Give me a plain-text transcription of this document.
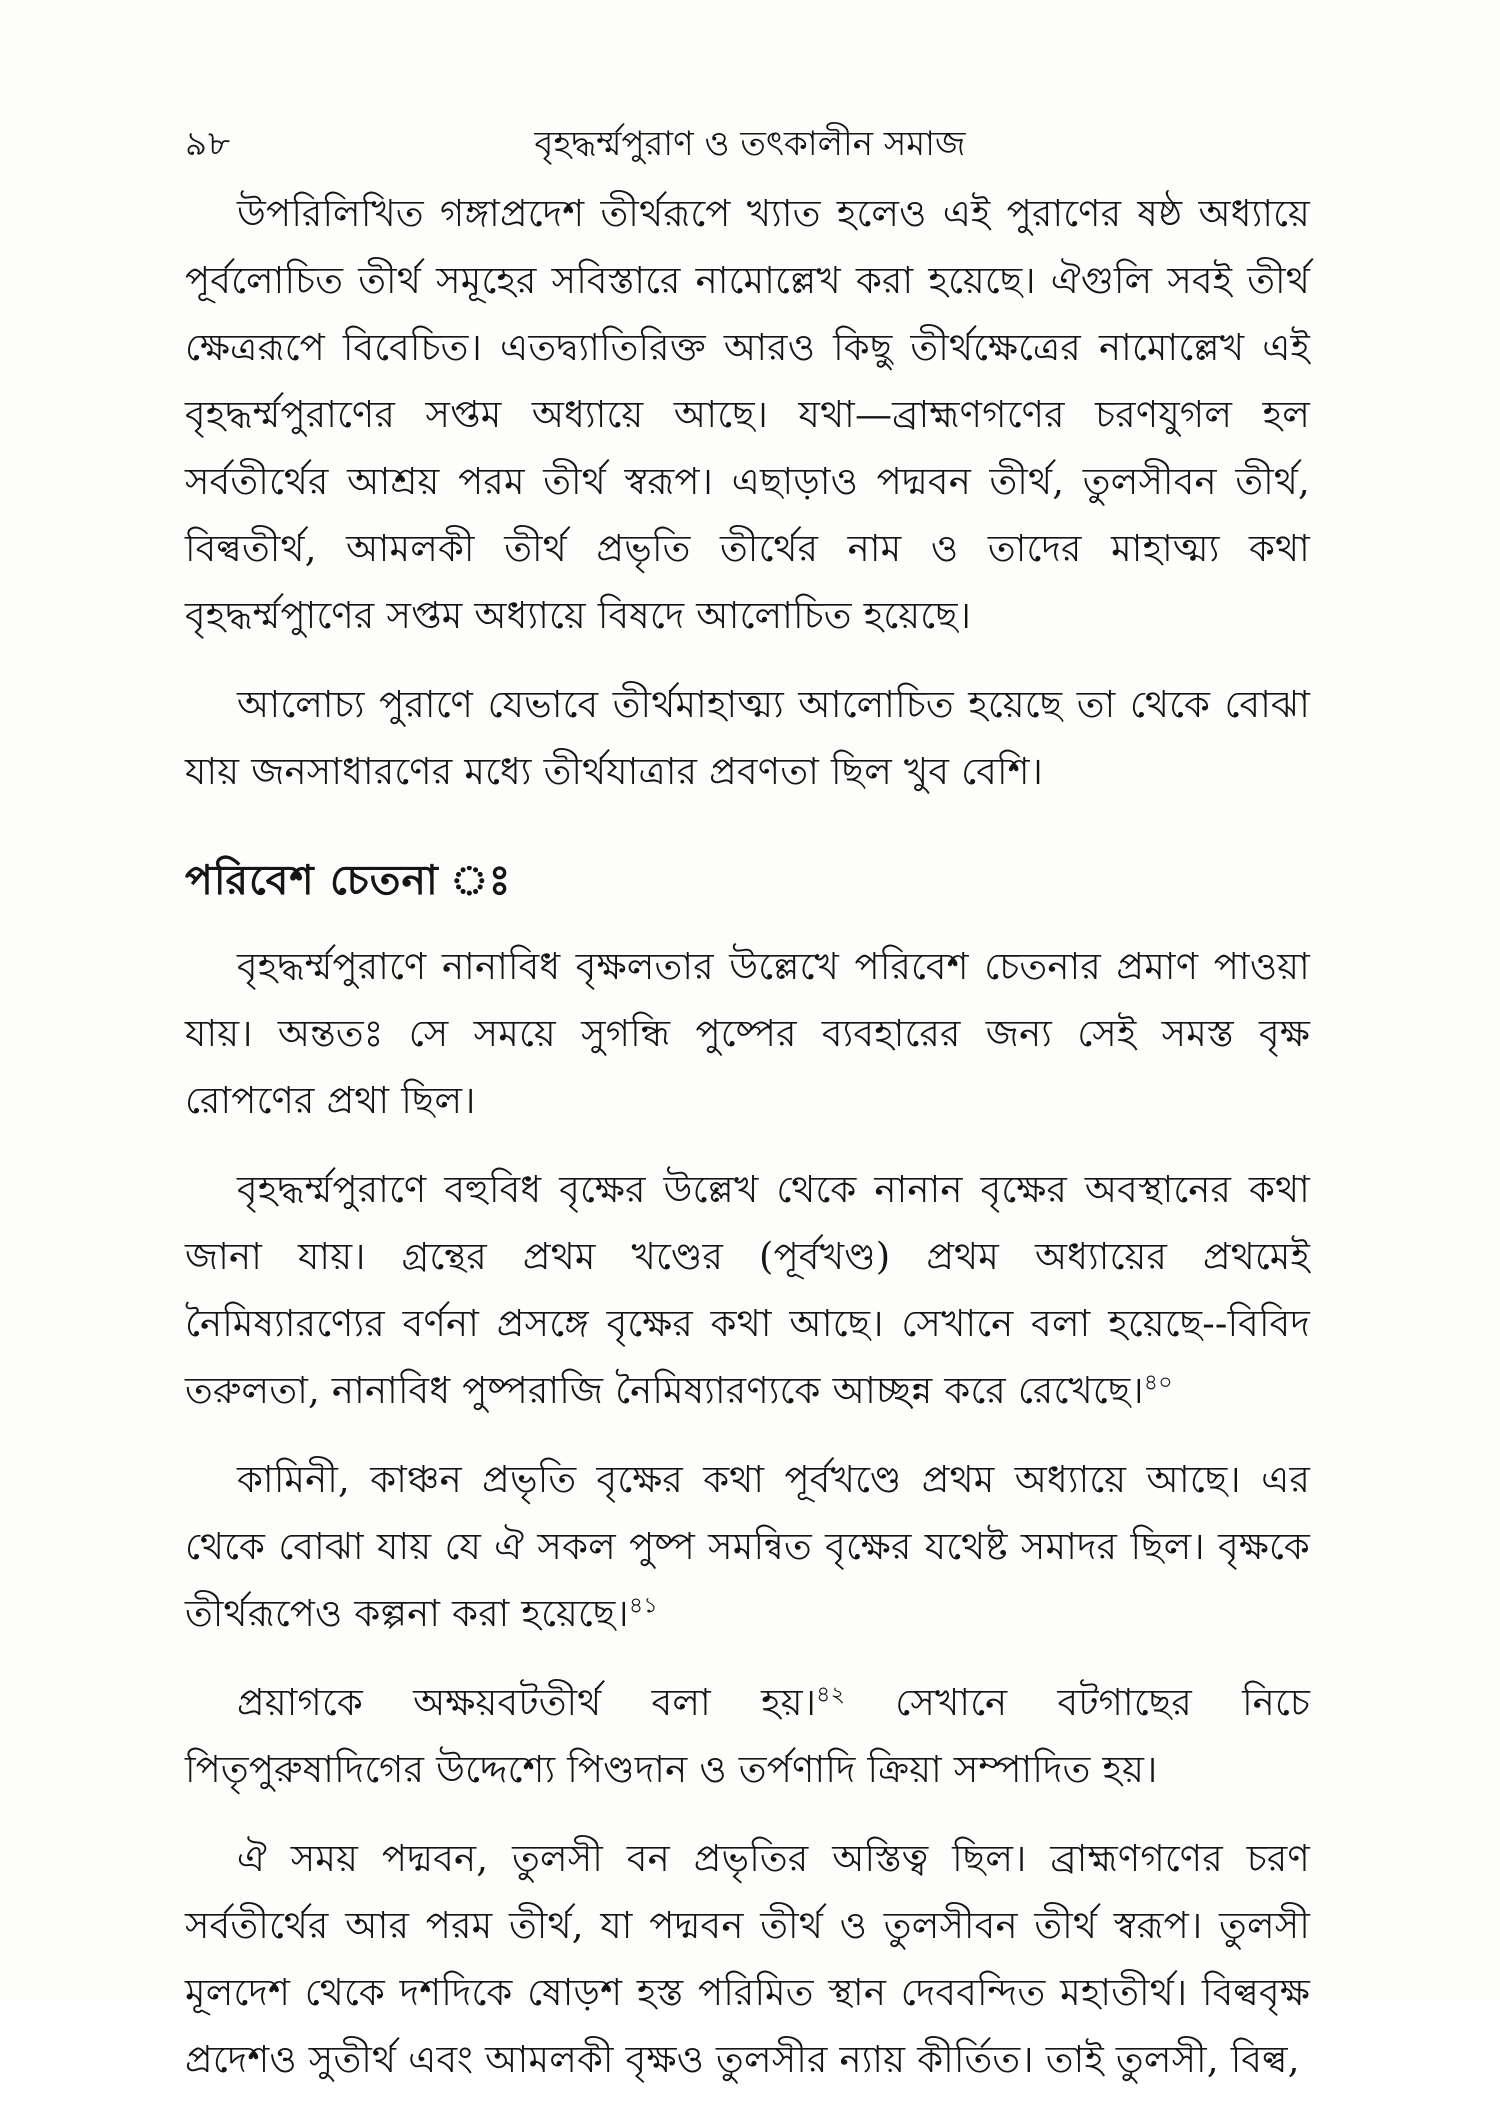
৯৮	বৃহদ্ধর্ম্মপুরাণ ও তৎকালীন সমাজ

উপরিলিখিত গঙ্গাপ্রদেশ তীর্থরূপে খ্যাত হলেও এই পুরাণের ষষ্ঠ অধ্যায়ে পূর্বলোচিত তীর্থ সমূহের সবিস্তারে নামোল্লেখ করা হয়েছে। ঐগুলি সবই তীর্থ ক্ষেত্ররূপে বিবেচিত। এতদ্ব্যাতিরিক্ত আরও কিছু তীর্থক্ষেত্রের নামোল্লেখ এই বৃহদ্ধর্ম্মপুরাণের সপ্তম অধ্যায়ে আছে। যথা—ব্রাহ্মণগণের চরণযুগল হল সর্বতীর্থের আশ্রয় পরম তীর্থ স্বরূপ। এছাড়াও পদ্মবন তীর্থ, তুলসীবন তীর্থ, বিল্বতীর্থ, আমলকী তীর্থ প্রভৃতি তীর্থের নাম ও তাদের মাহাত্ম্য কথা বৃহদ্ধর্ম্মপুাণের সপ্তম অধ্যায়ে বিষদে আলোচিত হয়েছে।

আলোচ্য পুরাণে যেভাবে তীর্থমাহাত্ম্য আলোচিত হয়েছে তা থেকে বোঝা যায় জনসাধারণের মধ্যে তীর্থযাত্রার প্রবণতা ছিল খুব বেশি।

পরিবেশ চেতনা ঃ

বৃহদ্ধর্ম্মপুরাণে নানাবিধ বৃক্ষলতার উল্লেখে পরিবেশ চেতনার প্রমাণ পাওয়া যায়। অন্ততঃ সে সময়ে সুগন্ধি পুষ্পের ব্যবহারের জন্য সেই সমস্ত বৃক্ষ রোপণের প্রথা ছিল।

বৃহদ্ধর্ম্মপুরাণে বহুবিধ বৃক্ষের উল্লেখ থেকে নানান বৃক্ষের অবস্থানের কথা জানা যায়। গ্রন্থের প্রথম খণ্ডের (পূর্বখণ্ড) প্রথম অধ্যায়ের প্রথমেই নৈমিষ্যারণ্যের বর্ণনা প্রসঙ্গে বৃক্ষের কথা আছে। সেখানে বলা হয়েছে--বিবিদ তরুলতা, নানাবিধ পুষ্পরাজি নৈমিষ্যারণ্যকে আচ্ছন্ন করে রেখেছে।$^{৪০}$

কামিনী, কাঞ্চন প্রভৃতি বৃক্ষের কথা পূর্বখণ্ডে প্রথম অধ্যায়ে আছে। এর থেকে বোঝা যায় যে ঐ সকল পুষ্প সমন্বিত বৃক্ষের যথেষ্ট সমাদর ছিল। বৃক্ষকে তীর্থরূপেও কল্পনা করা হয়েছে।$^{৪১}$

প্রয়াগকে অক্ষয়বটতীর্থ বলা হয়।$^{৪২}$ সেখানে বটগাছের নিচে পিতৃপুরুষাদিগের উদ্দেশ্যে পিণ্ডদান ও তর্পণাদি ক্রিয়া সম্পাদিত হয়।

ঐ সময় পদ্মবন, তুলসী বন প্রভৃতির অস্তিত্ব ছিল। ব্রাহ্মণগণের চরণ সর্বতীর্থের আর পরম তীর্থ, যা পদ্মবন তীর্থ ও তুলসীবন তীর্থ স্বরূপ। তুলসী মূলদেশ থেকে দশদিকে ষোড়শ হস্ত পরিমিত স্থান দেববন্দিত মহাতীর্থ। বিল্ববৃক্ষ প্রদেশও সুতীর্থ এবং আমলকী বৃক্ষও তুলসীর ন্যায় কীর্তিত। তাই তুলসী, বিল্ব,
